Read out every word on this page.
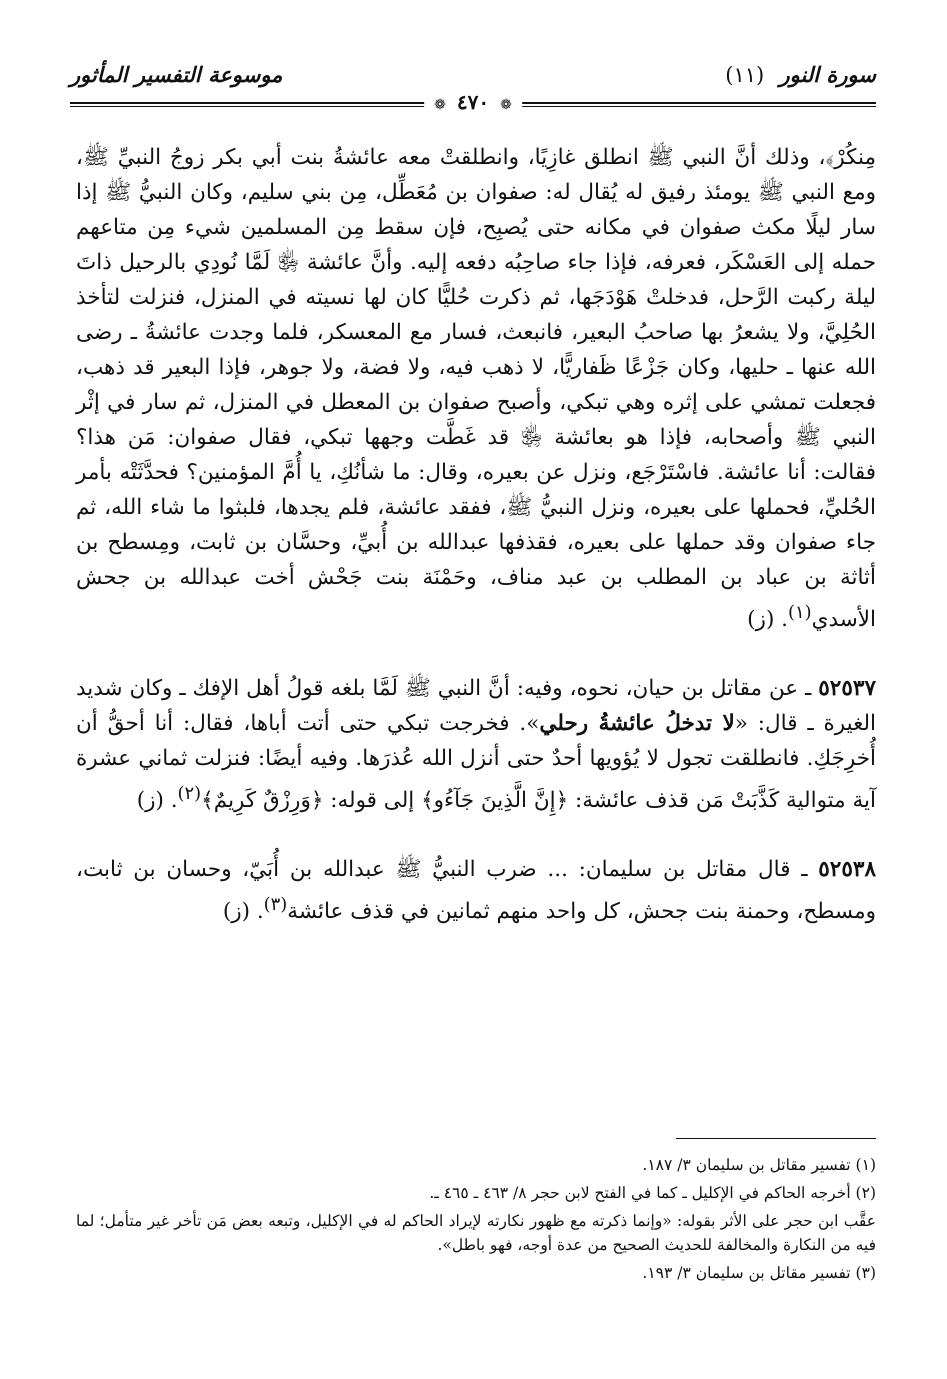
سورة النور (١١)
موسوعة التفسير المأثور
❁ ٤٧٠ ❁

مِنكُرْ﴾، وذلك أنَّ النبي ﷺ انطلق غازِيًا، وانطلقتْ معه عائشةُ بنت أبي بكر زوجُ النبيِّ ﷺ، ومع النبي ﷺ يومئذ رفيق له يُقال له: صفوان بن مُعَطِّل، مِن بني سليم، وكان النبيُّ ﷺ إذا سار ليلًا مكث صفوان في مكانه حتى يُصبِح، فإن سقط مِن المسلمين شيء مِن متاعهم حمله إلى العَسْكَر، فعرفه، فإذا جاء صاحِبُه دفعه إليه. وأنَّ عائشة ﵂ لَمَّا نُودِي بالرحيل ذاتَ ليلة ركبت الرَّحل، فدخلتْ هَوْدَجَها، ثم ذكرت حُليًّا كان لها نسيته في المنزل، فنزلت لتأخذ الحُلِيَّ، ولا يشعرُ بها صاحبُ البعير، فانبعث، فسار مع المعسكر، فلما وجدت عائشةُ ـ رضى الله عنها ـ حليها، وكان جَزْعًا ظَفاريًّا، لا ذهب فيه، ولا فضة، ولا جوهر، فإذا البعير قد ذهب، فجعلت تمشي على إثره وهي تبكي، وأصبح صفوان بن المعطل في المنزل، ثم سار في إثْر النبي ﷺ وأصحابه، فإذا هو بعائشة ﵂ قد غَطَّت وجهها تبكي، فقال صفوان: مَن هذا؟ فقالت: أنا عائشة. فاسْتَرْجَع، ونزل عن بعيره، وقال: ما شأنُكِ، يا أُمَّ المؤمنين؟ فحدَّثَتْه بأمر الحُليِّ، فحملها على بعيره، ونزل النبيُّ ﷺ، ففقد عائشة، فلم يجدها، فلبثوا ما شاء الله، ثم جاء صفوان وقد حملها على بعيره، فقذفها عبدالله بن أُبيِّ، وحسَّان بن ثابت، ومِسطح بن أثاثة بن عباد بن المطلب بن عبد مناف، وحَمْنَة بنت جَحْش أخت عبدالله بن جحش الأسدي$^{(١)}$. (ز)

٥٢٥٣٧ ـ عن مقاتل بن حيان، نحوه، وفيه: أنَّ النبي ﷺ لَمَّا بلغه قولُ أهل الإفك ـ وكان شديد الغيرة ـ قال: «لا تدخلُ عائشةُ رحلي». فخرجت تبكي حتى أتت أباها، فقال: أنا أحقُّ أن أُخرِجَكِ. فانطلقت تجول لا يُؤويها أحدٌ حتى أنزل الله عُذرَها. وفيه أيضًا: فنزلت ثماني عشرة آية متوالية كَذَّبَتْ مَن قذف عائشة: ﴿إِنَّ الَّذِينَ جَآءُو﴾ إلى قوله: ﴿وَرِزْقٌ كَرِيمٌ﴾$^{(٢)}$. (ز)

٥٢٥٣٨ ـ قال مقاتل بن سليمان: ... ضرب النبيُّ ﷺ عبدالله بن أُبَيّ، وحسان بن ثابت، ومسطح، وحمنة بنت جحش، كل واحد منهم ثمانين في قذف عائشة$^{(٣)}$. (ز)

(١) تفسير مقاتل بن سليمان ٣/ ١٨٧.

(٢) أخرجه الحاكم في الإكليل ـ كما في الفتح لابن حجر ٨/ ٤٦٣ ـ ٤٦٥ ـ.

عقَّب ابن حجر على الأثر بقوله: «وإنما ذكرته مع ظهور نكارته لإيراد الحاكم له في الإكليل، وتبعه بعض مَن تأخر غير متأمل؛ لما فيه من النكارة والمخالفة للحديث الصحيح من عدة أوجه، فهو باطل».

(٣) تفسير مقاتل بن سليمان ٣/ ١٩٣.
